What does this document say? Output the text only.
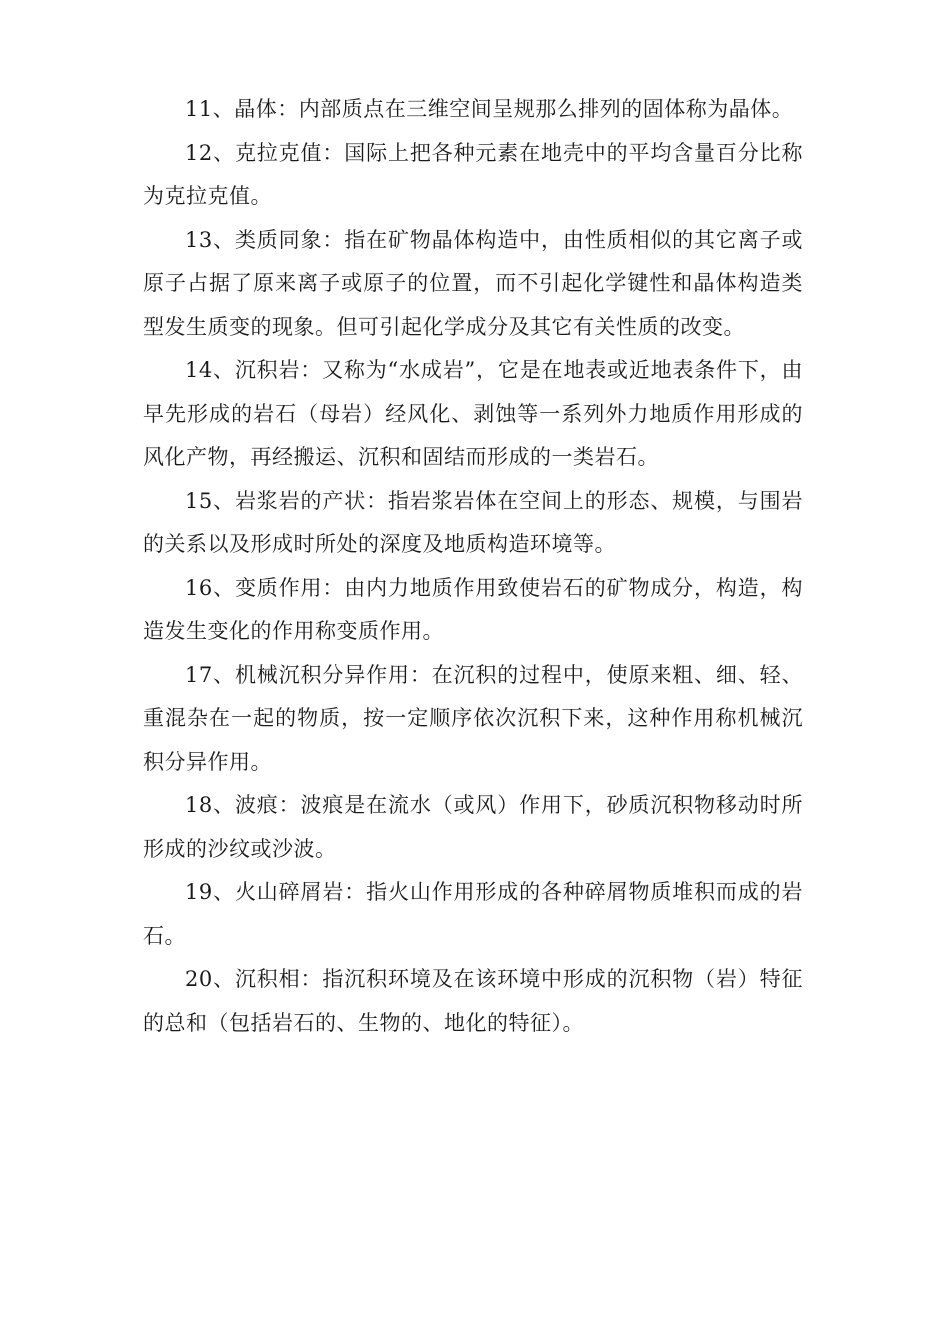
11、晶体：内部质点在三维空间呈规那么排列的固体称为晶体。

12、克拉克值：国际上把各种元素在地壳中的平均含量百分比称为克拉克值。

13、类质同象：指在矿物晶体构造中，由性质相似的其它离子或原子占据了原来离子或原子的位置，而不引起化学键性和晶体构造类型发生质变的现象。但可引起化学成分及其它有关性质的改变。

14、沉积岩：又称为“水成岩”，它是在地表或近地表条件下，由早先形成的岩石（母岩）经风化、剥蚀等一系列外力地质作用形成的风化产物，再经搬运、沉积和固结而形成的一类岩石。

15、岩浆岩的产状：指岩浆岩体在空间上的形态、规模，与围岩的关系以及形成时所处的深度及地质构造环境等。

16、变质作用：由内力地质作用致使岩石的矿物成分，构造，构造发生变化的作用称变质作用。

17、机械沉积分异作用：在沉积的过程中，使原来粗、细、轻、重混杂在一起的物质，按一定顺序依次沉积下来，这种作用称机械沉积分异作用。

18、波痕：波痕是在流水（或风）作用下，砂质沉积物移动时所形成的沙纹或沙波。

19、火山碎屑岩：指火山作用形成的各种碎屑物质堆积而成的岩石。

20、沉积相：指沉积环境及在该环境中形成的沉积物（岩）特征的总和（包括岩石的、生物的、地化的特征）。
